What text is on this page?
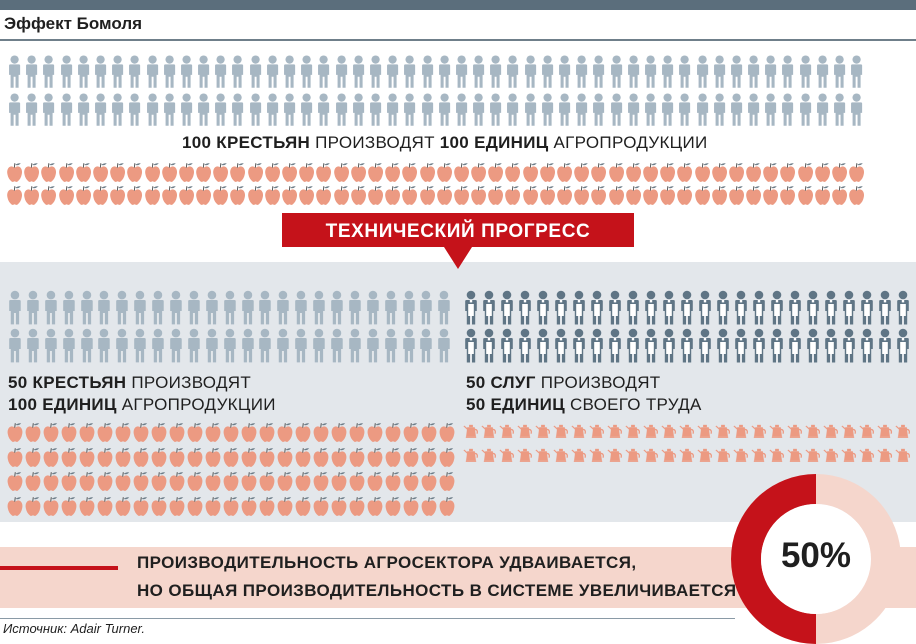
Эффект Бомоля
100 КРЕСТЬЯН ПРОИЗВОДЯТ 100 ЕДИНИЦ АГРОПРОДУКЦИИ
ТЕХНИЧЕСКИЙ ПРОГРЕСС
50 КРЕСТЬЯН ПРОИЗВОДЯТ
100 ЕДИНИЦ АГРОПРОДУКЦИИ
50 СЛУГ ПРОИЗВОДЯТ
50 ЕДИНИЦ СВОЕГО ТРУДА
ПРОИЗВОДИТЕЛЬНОСТЬ АГРОСЕКТОРА УДВАИВАЕТСЯ,
НО ОБЩАЯ ПРОИЗВОДИТЕЛЬНОСТЬ В СИСТЕМЕ УВЕЛИЧИВАЕТСЯ НА
50%
Источник: Adair Turner.
